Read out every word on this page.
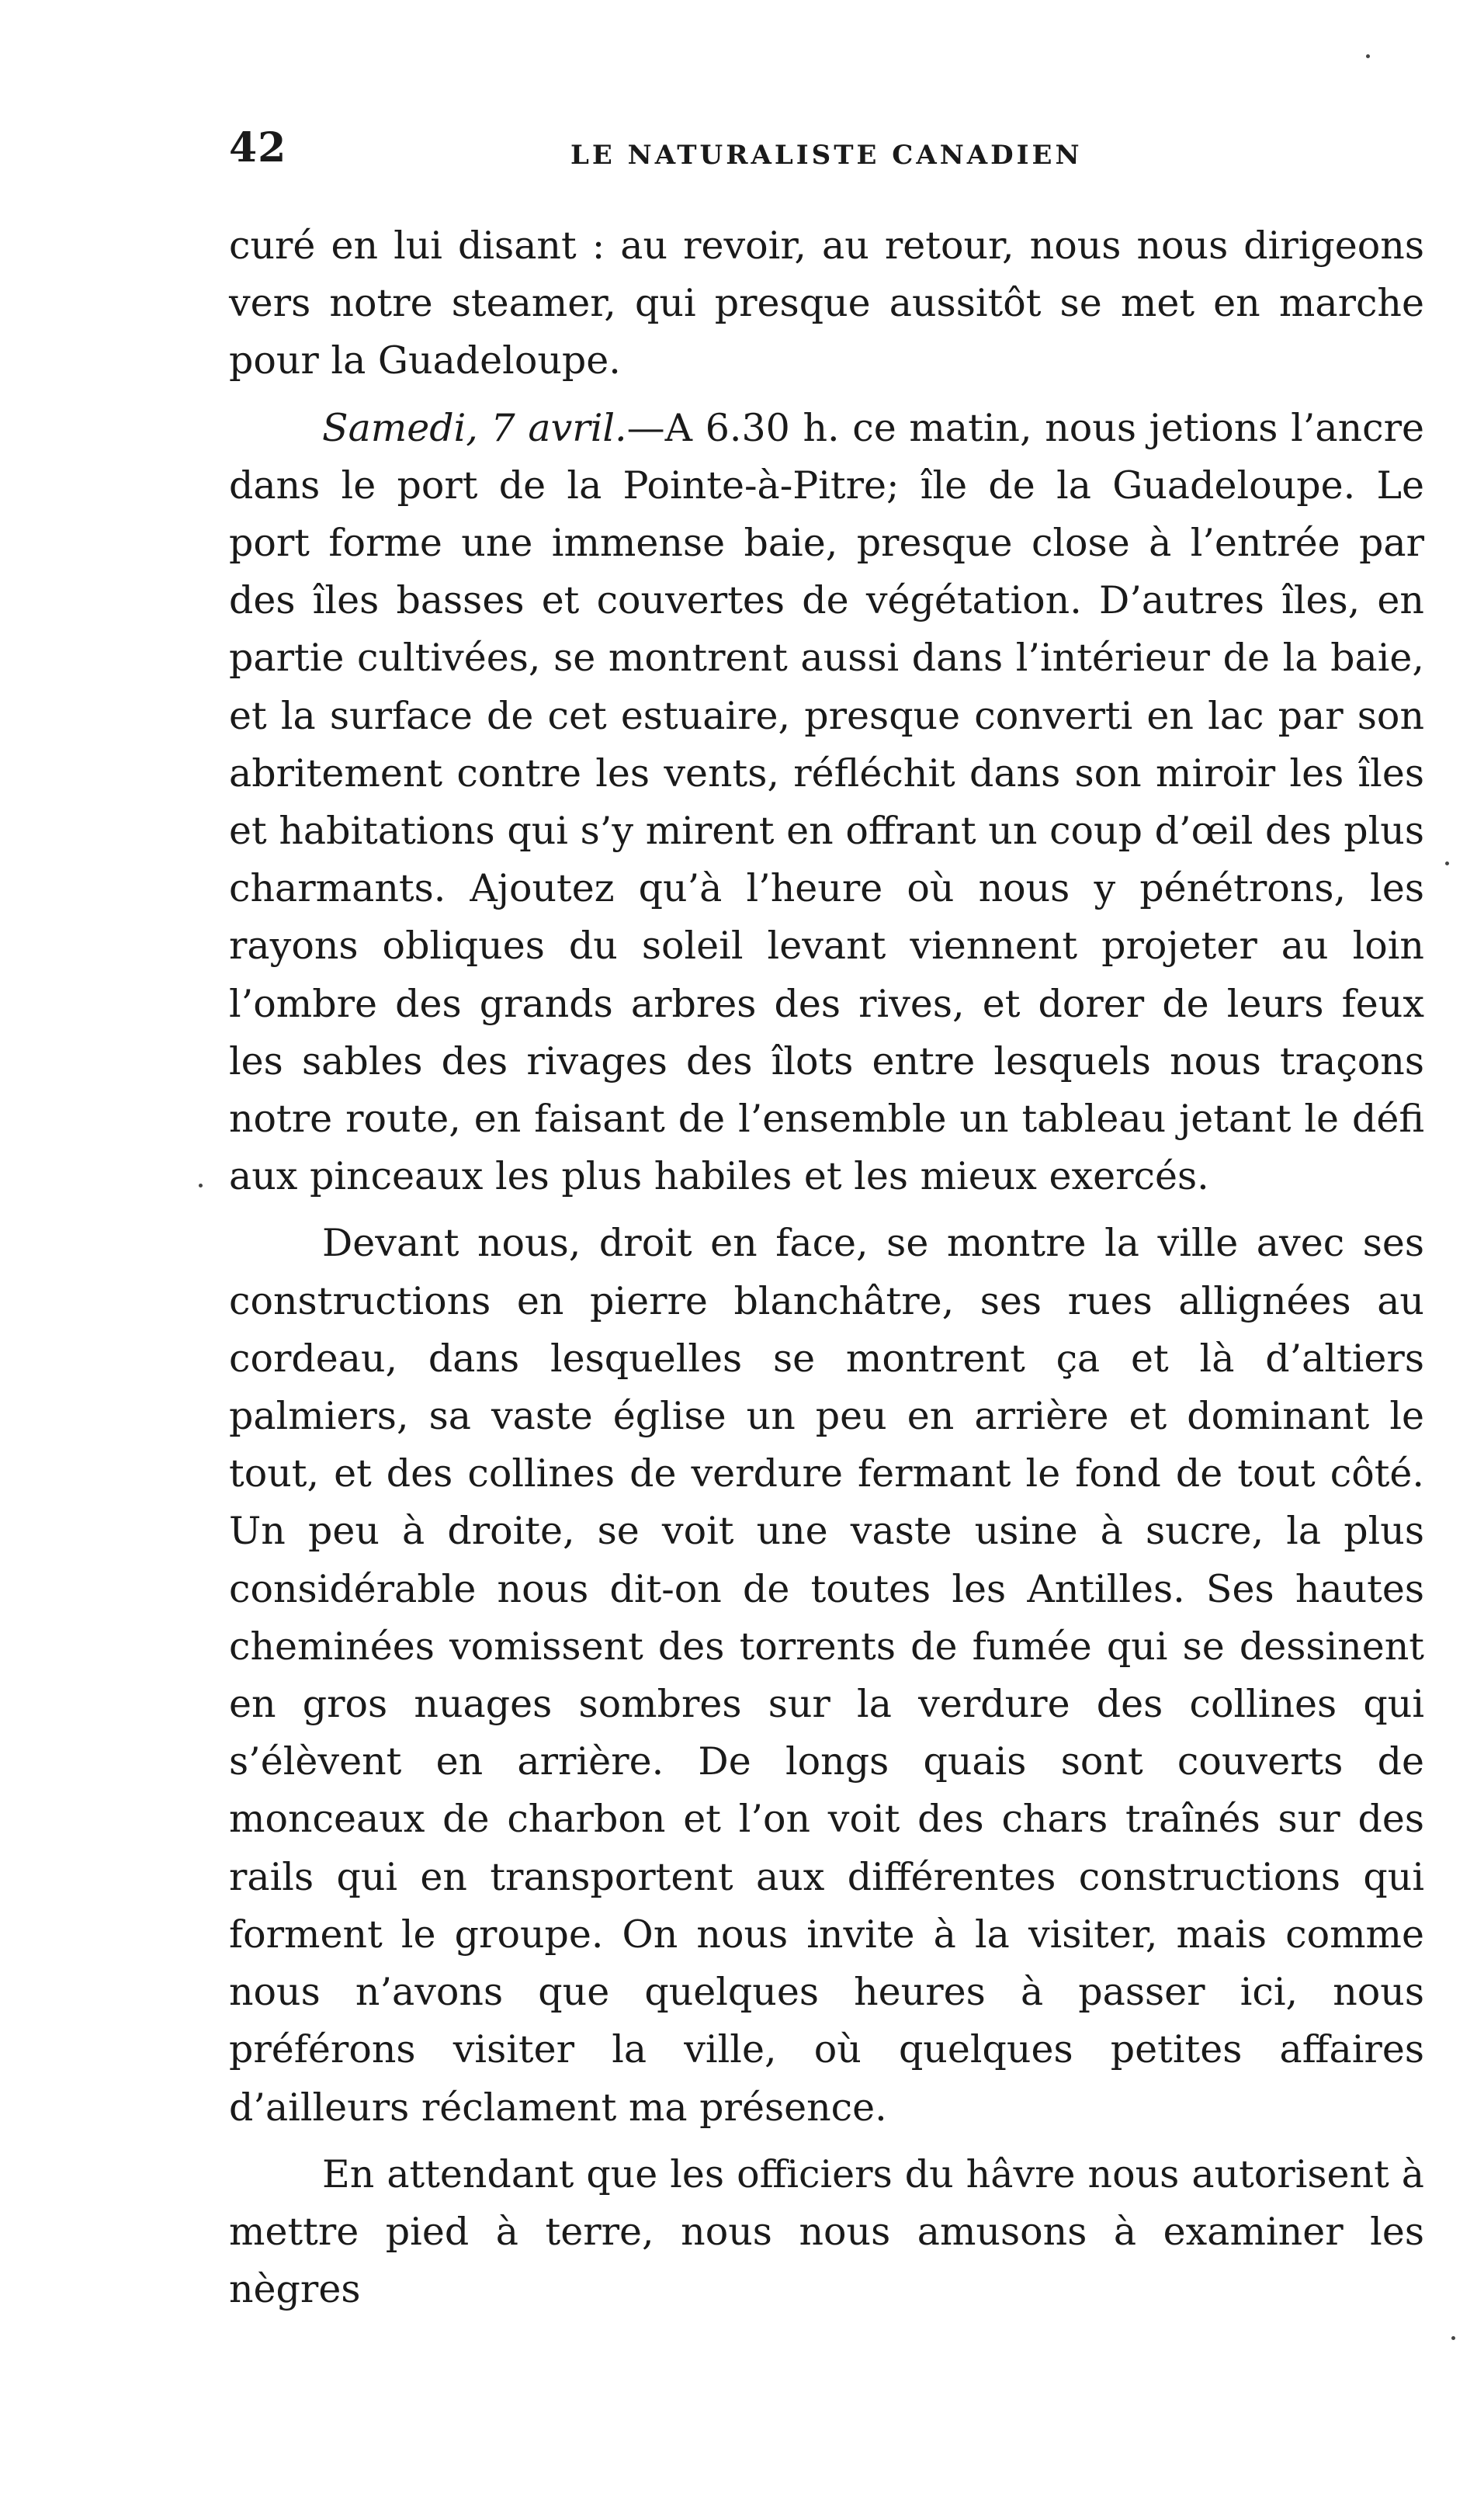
42	LE NATURALISTE CANADIEN

curé en lui disant : au revoir, au retour, nous nous dirigeons vers notre steamer, qui presque aussitôt se met en marche pour la Guadeloupe.

Samedi, 7 avril.—A 6.30 h. ce matin, nous jetions l’ancre dans le port de la Pointe-à-Pitre; île de la Guadeloupe. Le port forme une immense baie, presque close à l’entrée par des îles basses et couvertes de végétation. D’autres îles, en partie cultivées, se montrent aussi dans l’intérieur de la baie, et la surface de cet estuaire, presque converti en lac par son abritement contre les vents, réfléchit dans son miroir les îles et habitations qui s’y mirent en offrant un coup d’œil des plus charmants. Ajoutez qu’à l’heure où nous y pénétrons, les rayons obliques du soleil levant viennent projeter au loin l’ombre des grands arbres des rives, et dorer de leurs feux les sables des rivages des îlots entre lesquels nous traçons notre route, en faisant de l’ensemble un tableau jetant le défi aux pinceaux les plus habiles et les mieux exercés.

Devant nous, droit en face, se montre la ville avec ses constructions en pierre blanchâtre, ses rues allignées au cordeau, dans lesquelles se montrent ça et là d’altiers palmiers, sa vaste église un peu en arrière et dominant le tout, et des collines de verdure fermant le fond de tout côté. Un peu à droite, se voit une vaste usine à sucre, la plus considérable nous dit-on de toutes les Antilles. Ses hautes cheminées vomissent des torrents de fumée qui se dessinent en gros nuages sombres sur la verdure des collines qui s’élèvent en arrière. De longs quais sont couverts de monceaux de charbon et l’on voit des chars traînés sur des rails qui en transportent aux différentes constructions qui forment le groupe. On nous invite à la visiter, mais comme nous n’avons que quelques heures à passer ici, nous préférons visiter la ville, où quelques petites affaires d’ailleurs réclament ma présence.

En attendant que les officiers du hâvre nous autorisent à mettre pied à terre, nous nous amusons à examiner les nègres
